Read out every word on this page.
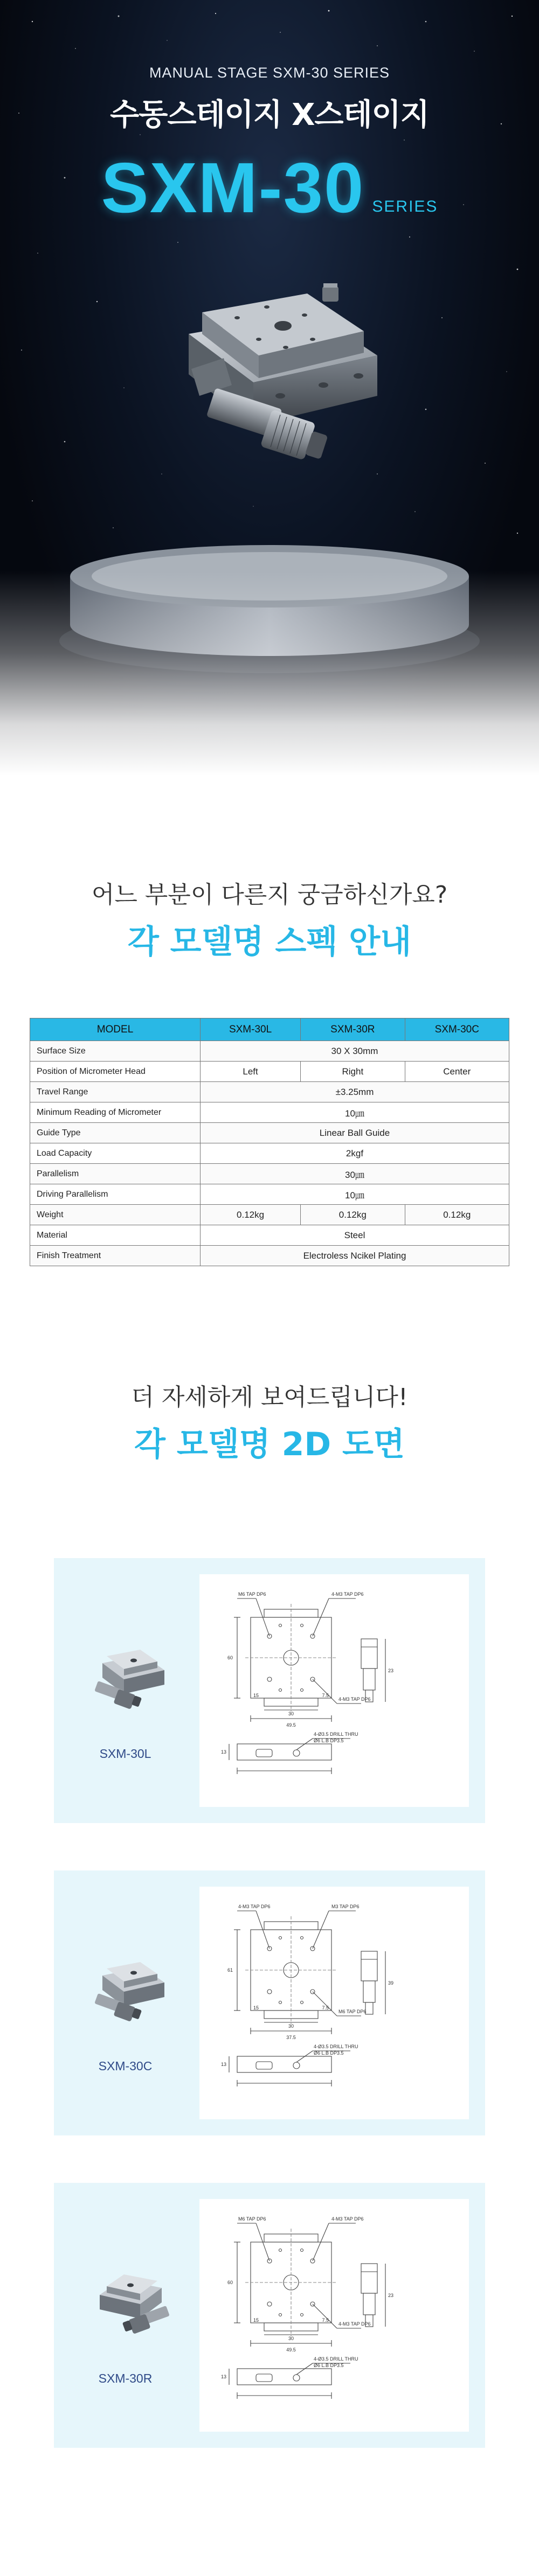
MANUAL STAGE SXM-30 SERIES
수동스테이지 X스테이지
SXM-30 SERIES
어느 부분이 다른지 궁금하신가요?
각 모델명 스펙 안내
MODEL	SXM-30L	SXM-30R	SXM-30C
Surface Size	30 X 30mm		
Position of Micrometer Head	Left	Right	Center
Travel Range	±3.25mm		
Minimum Reading of Micrometer	10㎛		
Guide Type	Linear Ball Guide		
Load Capacity	2kgf		
Parallelism	30㎛		
Driving Parallelism	10㎛		
Weight	0.12kg	0.12kg	0.12kg
Material	Steel		
Finish Treatment	Electroless Ncikel Plating		
더 자세하게 보여드립니다!
각 모델명 2D 도면
SXM-30L
M6 TAP DP6	4-M3 TAP DP6
4-M3 TAP DP6
4-Ø3.5 DRILL THRU
Ø6 L.B DP3.5
49.5
60
30
15	7.5
23
13
SXM-30C
4-M3 TAP DP6	M3 TAP DP6
M6 TAP DP6
4-Ø3.5 DRILL THRU
Ø6 L.B DP3.5
37.5
61
30
15	7.5
39
13
SXM-30R
M6 TAP DP6	4-M3 TAP DP6
4-M3 TAP DP6
4-Ø3.5 DRILL THRU
Ø6 L.B DP3.5
49.5
60
30
15	7.5
23
13
